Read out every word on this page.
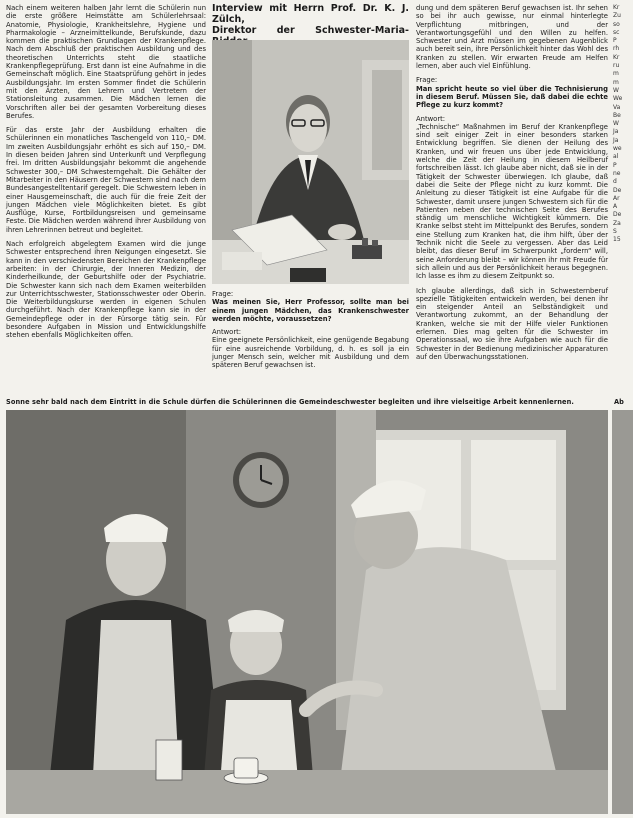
Nach einem weiteren halben Jahr lernt die Schülerin nun die erste größere Heimstätte am Schülerlehrsaal: Anatomie, Physiologie, Krankheitslehre, Hygiene und Pharmakologie – Arzneimittelkunde, Berufskunde, dazu kommen die praktischen Grundlagen der Krankenpflege. Nach dem Abschluß der praktischen Ausbildung und des theoretischen Unterrichts steht die staatliche Krankenpflegeprüfung. Erst dann ist eine Aufnahme in die Gemeinschaft möglich. Eine Staatsprüfung gehört in jedes Ausbildungsjahr. Im ersten Sommer findet die Schülerin mit den Ärzten, den Lehrern und Vertretern der Stationsleitung zusammen. Die Mädchen lernen die Vorschriften aller bei der gesamten Vorbereitung dieses Berufes.

Für das erste Jahr der Ausbildung erhalten die Schülerinnen ein monatliches Taschengeld von 110,– DM. Im zweiten Ausbildungsjahr erhöht es sich auf 150,– DM. In diesen beiden Jahren sind Unterkunft und Verpflegung frei. Im dritten Ausbildungsjahr bekommt die angehende Schwester 300,– DM Schwesterngehalt. Die Gehälter der Mitarbeiter in den Häusern der Schwestern sind nach dem Bundesangestelltentarif geregelt. Die Schwestern leben in einer Hausgemeinschaft, die auch für die freie Zeit der jungen Mädchen viele Möglichkeiten bietet. Es gibt Ausflüge, Kurse, Fortbildungsreisen und gemeinsame Feste. Die Mädchen werden während ihrer Ausbildung von ihren Lehrerinnen betreut und begleitet.

Nach erfolgreich abgelegtem Examen wird die junge Schwester entsprechend ihren Neigungen eingesetzt. Sie kann in den verschiedensten Bereichen der Krankenpflege arbeiten: in der Chirurgie, der Inneren Medizin, der Kinderheilkunde, der Geburtshilfe oder der Psychiatrie. Die Schwester kann sich nach dem Examen weiterbilden zur Unterrichtsschwester, Stationsschwester oder Oberin. Die Weiterbildungskurse werden in eigenen Schulen durchgeführt. Nach der Krankenpflege kann sie in der Gemeindepflege oder in der Fürsorge tätig sein. Für besondere Aufgaben in Mission und Entwicklungshilfe stehen ebenfalls Möglichkeiten offen.

Interview mit Herrn Prof. Dr. K. J. Zülch,
Direktor der Schwester-Maria-
Frage:
Was meinen Sie, Herr Professor, sollte man bei einem jungen Mädchen, das Krankenschwester werden möchte, voraussetzen?
Antwort:
Eine geeignete Persönlichkeit, eine genügende Begabung für eine ausreichende Vorbildung, d. h. es soll ja ein junger Mensch sein, welcher mit Ausbildung und dem späteren Beruf gewachsen ist.

dung und dem späteren Beruf gewachsen ist. Ihr sehen so bei ihr auch gewisse, nur einmal hinterlegte Verpflichtung mitbringen, und der Verantwortungsgefühl und den Willen zu helfen. Schwester und Arzt müssen im gegebenen Augenblick auch bereit sein, ihre Persönlichkeit hinter das Wohl des Kranken zu stellen. Wir erwarten Freude am Helfen lernen, aber auch viel Einfühlung.

Frage:
Man spricht heute so viel über die Technisierung in diesem Beruf. Müssen Sie, daß dabei die echte Pflege zu kurz kommt?
Antwort:

„Technische“ Maßnahmen im Beruf der Krankenpflege sind seit einiger Zeit in einer besonders starken Entwicklung begriffen. Sie dienen der Heilung des Kranken, und wir freuen uns über jede Entwicklung, welche die Zeit der Heilung in diesem Heilberuf fortschreiben lässt. Ich glaube aber nicht, daß sie in der Tätigkeit der Schwester überwiegen. Ich glaube, daß dabei die Seite der Pflege nicht zu kurz kommt. Die Anleitung zu dieser Tätigkeit ist eine Aufgabe für die Schwester, damit unsere jungen Schwestern sich für die Patienten neben der technischen Seite des Berufes ständig um menschliche Wichtigkeit kümmern. Die Kranke selbst steht im Mittelpunkt des Berufes, sondern eine Stellung zum Kranken hat, die ihm hilft, über der Technik nicht die Seele zu vergessen. Aber das Leid bleibt, das dieser Beruf im Schwerpunkt „fordern“ will, seine Anforderung bleibt – wir können ihr mit Freude für sich allein und aus der Persönlichkeit heraus begegnen. Ich lasse es ihm zu diesem Zeitpunkt so.

Ich glaube allerdings, daß sich in Schwesternberuf spezielle Tätigkeiten entwickeln werden, bei denen ihr ein steigender Anteil an Selbständigkeit und Verantwortung zukommt, an der Behandlung der Kranken, welche sie mit der Hilfe vieler Funktionen erlernen. Dies mag gelten für die Schwester im Operationssaal, wo sie ihre Aufgaben wie auch für die Schwester in der Bedienung medizinischer Apparaturen auf den Überwachungsstationen.

Kr
Zu
so
sc
P
rh
Kr
ru
m
m
W
We
Va
Be
W
Ja
Ja
we
al
P
ne
d
De
Ar
A
De
Za
S
15
Sonne sehr bald nach dem Eintritt in die Schule dürfen die Schülerinnen die Gemeindeschwester begleiten und ihre vielseitige Arbeit kennenlernen.	Ab
